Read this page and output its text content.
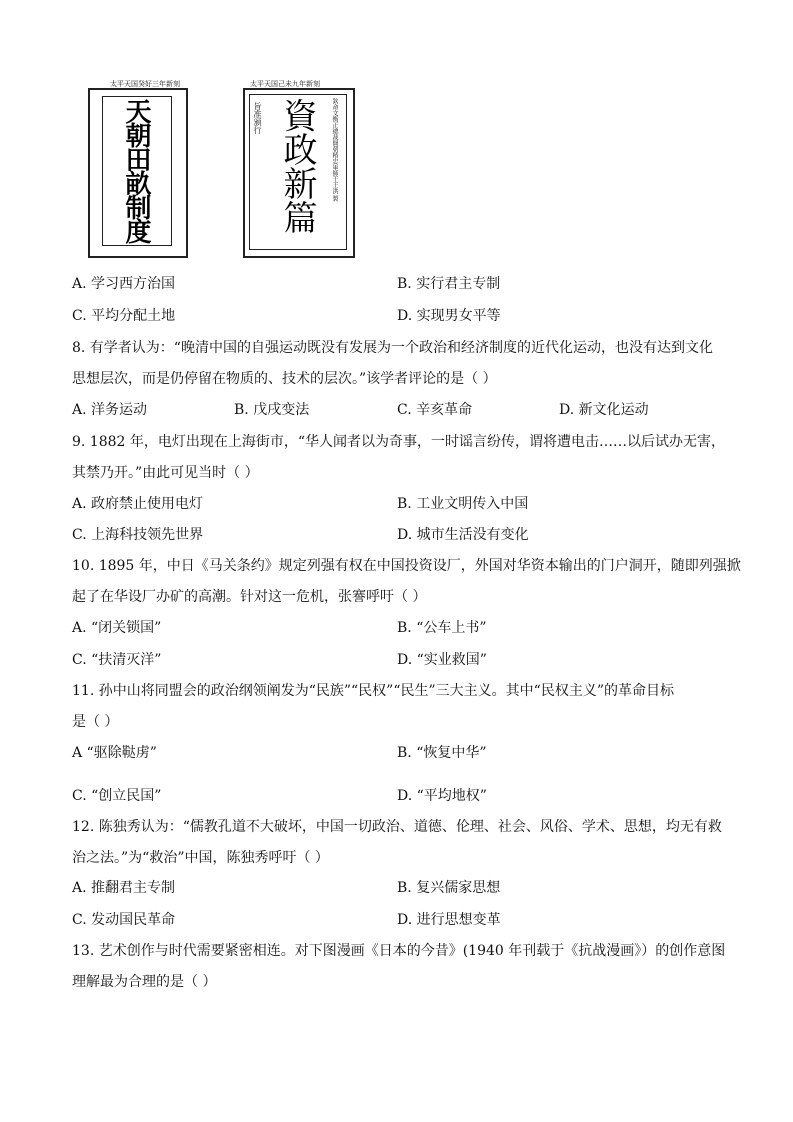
太平天国癸好三年新刻
天朝田畝制度
太平天国己未九年新刻
旨准頒行 資政新篇	欽命文衡正總裁開朝精忠軍師干王洪 製
A. 学习西方治国	B. 实行君主专制
C. 平均分配土地	D. 实现男女平等
8. 有学者认为：“晚清中国的自强运动既没有发展为一个政治和经济制度的近代化运动，也没有达到文化
思想层次，而是仍停留在物质的、技术的层次。”该学者评论的是（ ）
A. 洋务运动	B. 戊戌变法	C. 辛亥革命	D. 新文化运动
9. 1882 年，电灯出现在上海街市，“华人闻者以为奇事，一时谣言纷传，谓将遭电击……以后试办无害，
其禁乃开。”由此可见当时（ ）
A. 政府禁止使用电灯	B. 工业文明传入中国
C. 上海科技领先世界	D. 城市生活没有变化
10. 1895 年，中日《马关条约》规定列强有权在中国投资设厂，外国对华资本输出的门户洞开，随即列强掀
起了在华设厂办矿的高潮。针对这一危机，张謇呼吁（ ）
A. “闭关锁国”	B. “公车上书”
C. “扶清灭洋”	D. “实业救国”
11. 孙中山将同盟会的政治纲领阐发为“民族”“民权”“民生”三大主义。其中“民权主义”的革命目标
是（ ）
A “驱除鞑虏”	B. “恢复中华”
C. “创立民国”	D. “平均地权”
12. 陈独秀认为：“儒教孔道不大破坏，中国一切政治、道德、伦理、社会、风俗、学术、思想，均无有救
治之法。”为“救治”中国，陈独秀呼吁（ ）
A. 推翻君主专制	B. 复兴儒家思想
C. 发动国民革命	D. 进行思想变革
13. 艺术创作与时代需要紧密相连。对下图漫画《日本的今昔》(1940 年刊载于《抗战漫画》）的创作意图
理解最为合理的是（ ）
